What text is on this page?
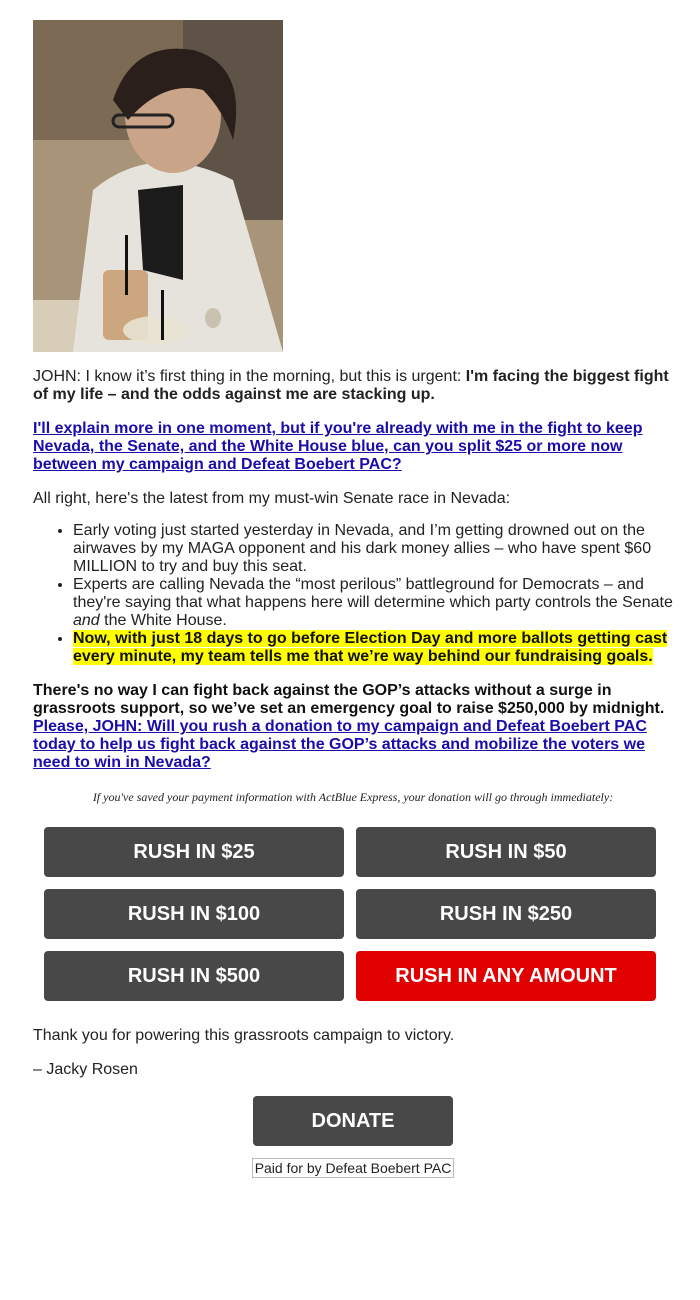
JOHN: I know it’s first thing in the morning, but this is urgent: I'm facing the biggest fight of my life – and the odds against me are stacking up.

I'll explain more in one moment, but if you're already with me in the fight to keep Nevada, the Senate, and the White House blue, can you split $25 or more now between my campaign and Defeat Boebert PAC?

All right, here's the latest from my must-win Senate race in Nevada:

• Early voting just started yesterday in Nevada, and I’m getting drowned out on the airwaves by my MAGA opponent and his dark money allies – who have spent $60 MILLION to try and buy this seat.
• Experts are calling Nevada the “most perilous” battleground for Democrats – and they're saying that what happens here will determine which party controls the Senate and the White House.
• Now, with just 18 days to go before Election Day and more ballots getting cast every minute, my team tells me that we’re way behind our fundraising goals.

There's no way I can fight back against the GOP’s attacks without a surge in grassroots support, so we’ve set an emergency goal to raise $250,000 by midnight.

Please, JOHN: Will you rush a donation to my campaign and Defeat Boebert PAC today to help us fight back against the GOP’s attacks and mobilize the voters we need to win in Nevada?

If you've saved your payment information with ActBlue Express, your donation will go through immediately:
RUSH IN $25	RUSH IN $50
RUSH IN $100	RUSH IN $250
RUSH IN $500	RUSH IN ANY AMOUNT

Thank you for powering this grassroots campaign to victory.

– Jacky Rosen

DONATE
Paid for by Defeat Boebert PAC
